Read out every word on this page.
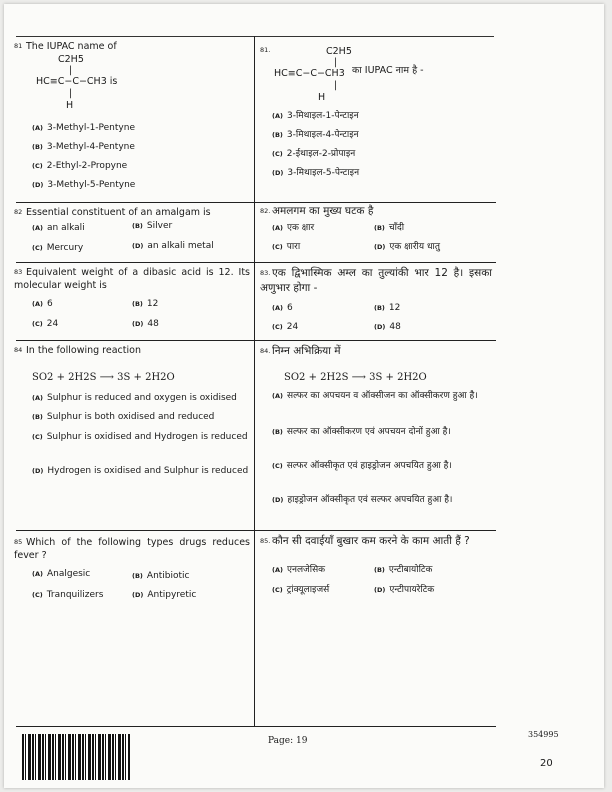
81 The IUPAC name of
C2H5
|
HC≡C−C−CH3 is
|
H
(A) 3-Methyl-1-Pentyne
(B) 3-Methyl-4-Pentyne
(C) 2-Ethyl-2-Propyne
(D) 3-Methyl-5-Pentyne
81.	C2H5
|
HC≡C−C−CH3 का IUPAC नाम है -
|
H
(A) 3-मिथाइल-1-पेन्टाइन
(B) 3-मिथाइल-4-पेन्टाइन
(C) 2-ईथाइल-2-प्रोपाइन
(D) 3-मिथाइल-5-पेन्टाइन
82 Essential constituent of an amalgam is
(A) an alkali	(B) Silver
(C) Mercury	(D) an alkali metal
82. अमलगम का मुख्य घटक है
(A) एक क्षार	(B) चाँदी
(C) पारा	(D) एक क्षारीय धातु
83 Equivalent weight of a dibasic acid is 12. Its molecular weight is
(A) 6	(B) 12
(C) 24	(D) 48
83. एक द्विभास्मिक अम्ल का तुल्यांकी भार 12 है। इसका अणुभार होगा -
(A) 6	(B) 12
(C) 24	(D) 48
84 In the following reaction
SO2 + 2H2S ⟶ 3S + 2H2O
(A) Sulphur is reduced and oxygen is oxidised
(B) Sulphur is both oxidised and reduced
(C) Sulphur is oxidised and Hydrogen is reduced
(D) Hydrogen is oxidised and Sulphur is reduced
84. निम्न अभिक्रिया में
SO2 + 2H2S ⟶ 3S + 2H2O
(A) सल्फर का अपचयन व ऑक्सीजन का ऑक्सीकरण हुआ है।
(B) सल्फर का ऑक्सीकरण एवं अपचयन दोनों हुआ है।
(C) सल्फर ऑक्सीकृत एवं हाइड्रोजन अपचयित हुआ है।
(D) हाइड्रोजन ऑक्सीकृत एवं सल्फर अपचयित हुआ है।
85 Which of the following types drugs reduces fever ?
(A) Analgesic	(B) Antibiotic
(C) Tranquilizers	(D) Antipyretic
85. कौन सी दवाईयाँ बुखार कम करने के काम आती हैं ?
(A) एनलजेसिक	(B) एन्टीबायोटिक
(C) ट्रांक्यूलाइजर्स	(D) एन्टीपायरेटिक
Page: 19
354995
20
